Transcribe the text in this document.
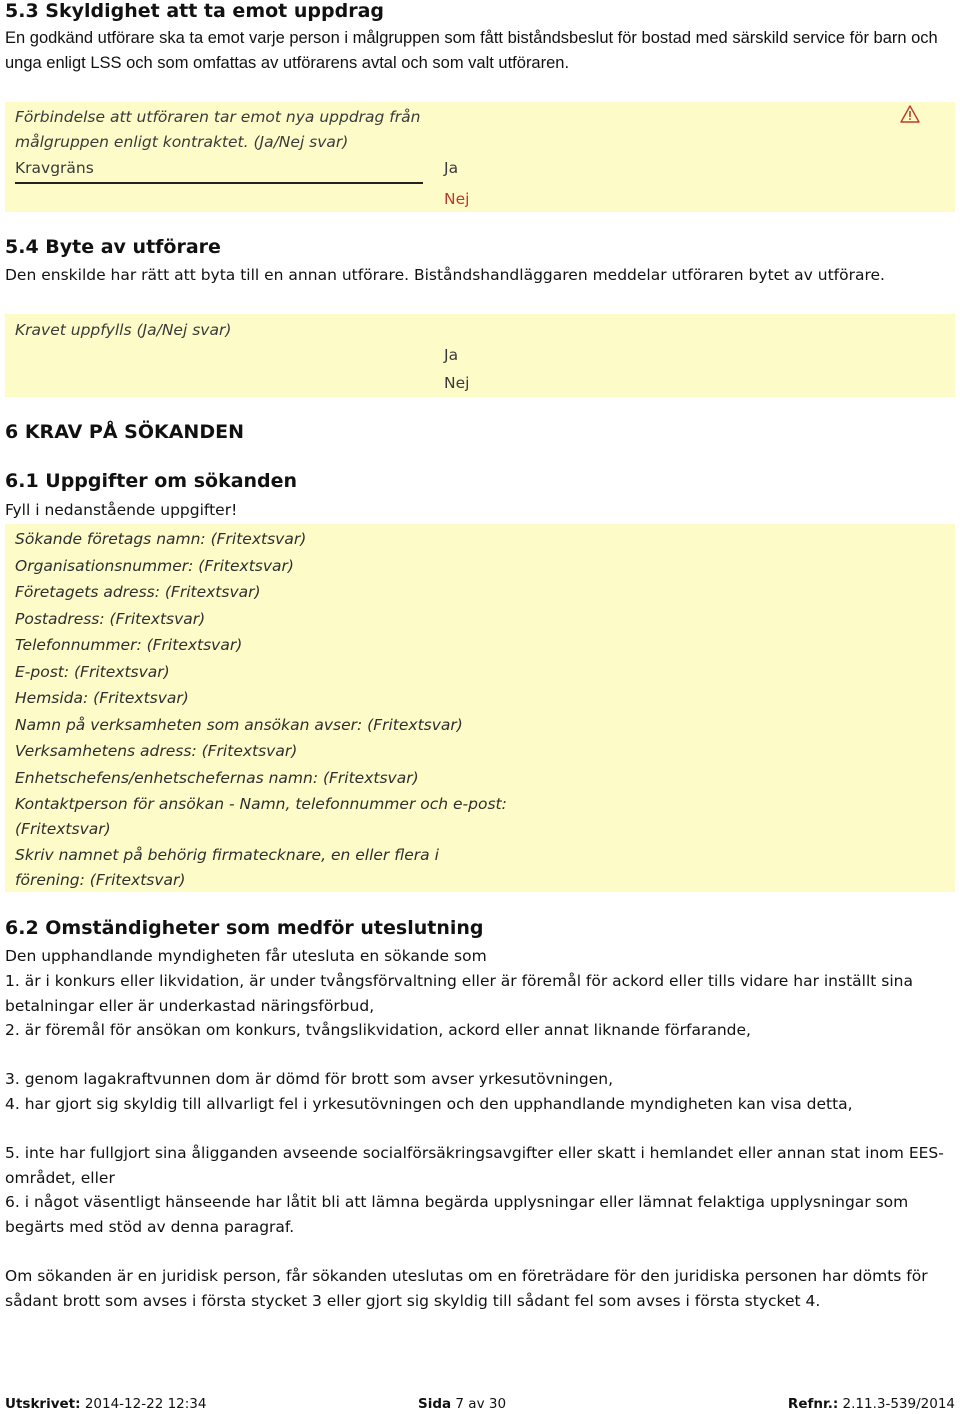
5.3 Skyldighet att ta emot uppdrag

En godkänd utförare ska ta emot varje person i målgruppen som fått biståndsbeslut för bostad med särskild service för barn och unga enligt LSS och som omfattas av utförarens avtal och som valt utföraren.

Förbindelse att utföraren tar emot nya uppdrag från målgruppen enligt kontraktet. (Ja/Nej svar)
Kravgräns	Ja
Nej
5.4 Byte av utförare

Den enskilde har rätt att byta till en annan utförare. Biståndshandläggaren meddelar utföraren bytet av utförare.

Kravet uppfylls (Ja/Nej svar)
Ja
Nej
6 KRAV PÅ SÖKANDEN
6.1 Uppgifter om sökanden

Fyll i nedanstående uppgifter!

Sökande företags namn: (Fritextsvar)
Organisationsnummer: (Fritextsvar)
Företagets adress: (Fritextsvar)
Postadress: (Fritextsvar)
Telefonnummer: (Fritextsvar)
E-post: (Fritextsvar)
Hemsida: (Fritextsvar)
Namn på verksamheten som ansökan avser: (Fritextsvar)
Verksamhetens adress: (Fritextsvar)
Enhetschefens/enhetschefernas namn: (Fritextsvar)
Kontaktperson för ansökan - Namn, telefonnummer och e-post:
(Fritextsvar)
Skriv namnet på behörig firmatecknare, en eller flera i
förening: (Fritextsvar)
6.2 Omständigheter som medför uteslutning

Den upphandlande myndigheten får utesluta en sökande som

1. är i konkurs eller likvidation, är under tvångsförvaltning eller är föremål för ackord eller tills vidare har inställt sina betalningar eller är underkastad näringsförbud,

2. är föremål för ansökan om konkurs, tvångslikvidation, ackord eller annat liknande förfarande,

3. genom lagakraftvunnen dom är dömd för brott som avser yrkesutövningen,

4. har gjort sig skyldig till allvarligt fel i yrkesutövningen och den upphandlande myndigheten kan visa detta,

5. inte har fullgjort sina åligganden avseende socialförsäkringsavgifter eller skatt i hemlandet eller annan stat inom EES-området, eller

6. i något väsentligt hänseende har låtit bli att lämna begärda upplysningar eller lämnat felaktiga upplysningar som begärts med stöd av denna paragraf.

Om sökanden är en juridisk person, får sökanden uteslutas om en företrädare för den juridiska personen har dömts för sådant brott som avses i första stycket 3 eller gjort sig skyldig till sådant fel som avses i första stycket 4.

Utskrivet: 2014-12-22 12:34	Sida 7 av 30	Refnr.: 2.11.3-539/2014
